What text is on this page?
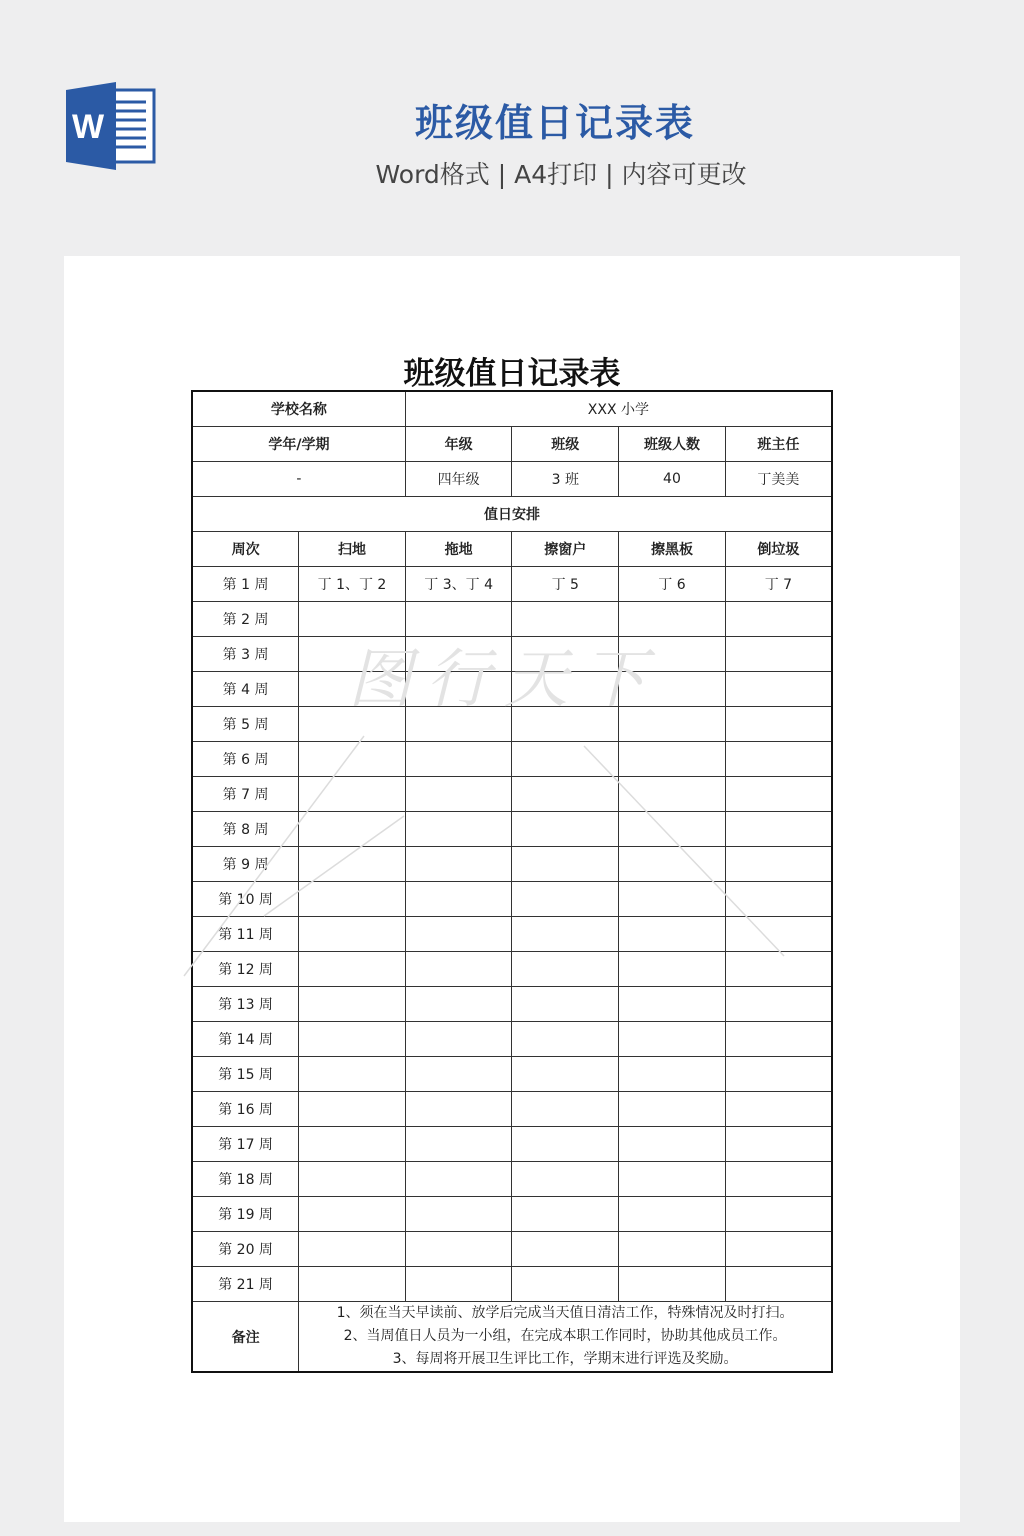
W	班级值日记录表
Word格式 | A4打印 | 内容可更改
班级值日记录表
学校名称		XXX 小学			
学年/学期		年级	班级	班级人数	班主任
-		四年级	3 班	40	丁美美
值日安排					
周次	扫地	拖地	擦窗户	擦黑板	倒垃圾
第 1 周	丁 1、丁 2	丁 3、丁 4	丁 5	丁 6	丁 7
第 2 周					
第 3 周					
第 4 周					
第 5 周					
第 6 周					
第 7 周					
第 8 周					
第 9 周					
第 10 周					
第 11 周					
第 12 周					
第 13 周					
第 14 周					
第 15 周					
第 16 周					
第 17 周					
第 18 周					
第 19 周					
第 20 周					
第 21 周					
备注	1、须在当天早读前、放学后完成当天值日清洁工作，特殊情况及时打扫。
2、当周值日人员为一小组，在完成本职工作同时，协助其他成员工作。
3、每周将开展卫生评比工作，学期末进行评选及奖励。				
图行天下
